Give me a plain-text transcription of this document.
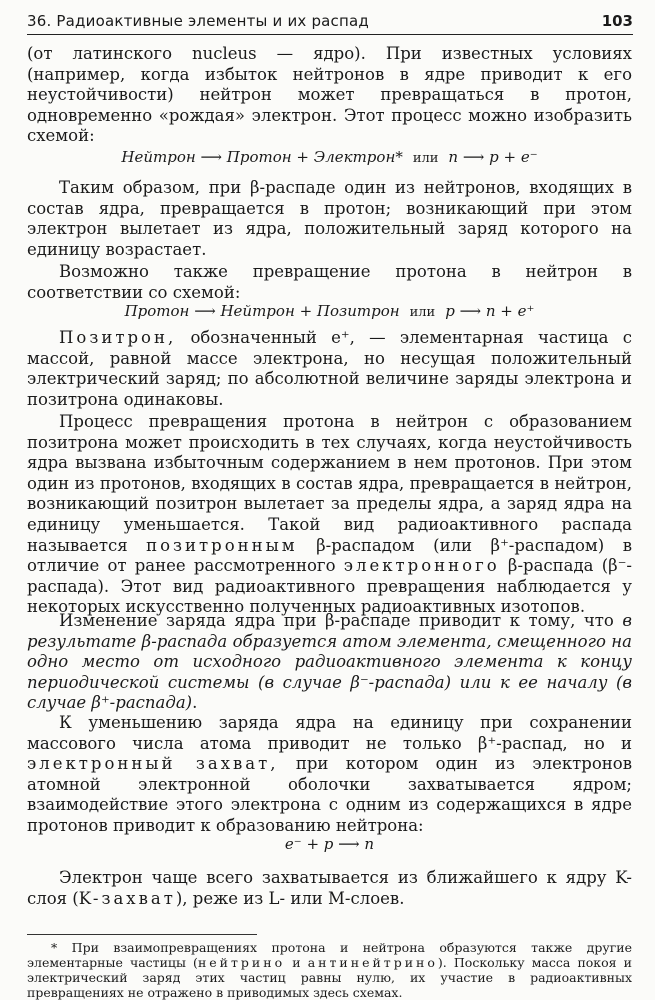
36. Радиоактивные элементы и их распад	103
(от латинского nucleus — ядро). При известных условиях (например, когда избыток нейтронов в ядре приводит к его неустойчивости) нейтрон может превращаться в протон, одновременно «рождая» электрон. Этот процесс можно изобразить схемой:
Нейтрон ⟶ Протон + Электрон* или n ⟶ p + e⁻
Таким образом, при β-распаде один из нейтронов, входящих в состав ядра, превращается в протон; возникающий при этом электрон вылетает из ядра, положительный заряд которого на единицу возрастает.
Возможно также превращение протона в нейтрон в соответствии со схемой:
Протон ⟶ Нейтрон + Позитрон или p ⟶ n + e⁺
Позитрон, обозначенный e⁺, — элементарная частица с массой, равной массе электрона, но несущая положительный электрический заряд; по абсолютной величине заряды электрона и позитрона одинаковы.
Процесс превращения протона в нейтрон с образованием позитрона может происходить в тех случаях, когда неустойчивость ядра вызвана избыточным содержанием в нем протонов. При этом один из протонов, входящих в состав ядра, превращается в нейтрон, возникающий позитрон вылетает за пределы ядра, а заряд ядра на единицу уменьшается. Такой вид радиоактивного распада называется позитронным β-распадом (или β⁺-распадом) в отличие от ранее рассмотренного электронного β-распада (β⁻-распада). Этот вид радиоактивного превращения наблюдается у некоторых искусственно полученных радиоактивных изотопов.
Изменение заряда ядра при β-распаде приводит к тому, что в результате β-распада образуется атом элемента, смещенного на одно место от исходного радиоактивного элемента к концу периодической системы (в случае β⁻-распада) или к ее началу (в случае β⁺-распада).
К уменьшению заряда ядра на единицу при сохранении массового числа атома приводит не только β⁺-распад, но и электронный захват, при котором один из электронов атомной электронной оболочки захватывается ядром; взаимодействие этого электрона с одним из содержащихся в ядре протонов приводит к образованию нейтрона:
e⁻ + p ⟶ n
Электрон чаще всего захватывается из ближайшего к ядру K-слоя (K-захват), реже из L- или M-слоев.
* При взаимопревращениях протона и нейтрона образуются также другие элементарные частицы (нейтрино и антинейтрино). Поскольку масса покоя и электрический заряд этих частиц равны нулю, их участие в радиоактивных превращениях не отражено в приводимых здесь схемах.
